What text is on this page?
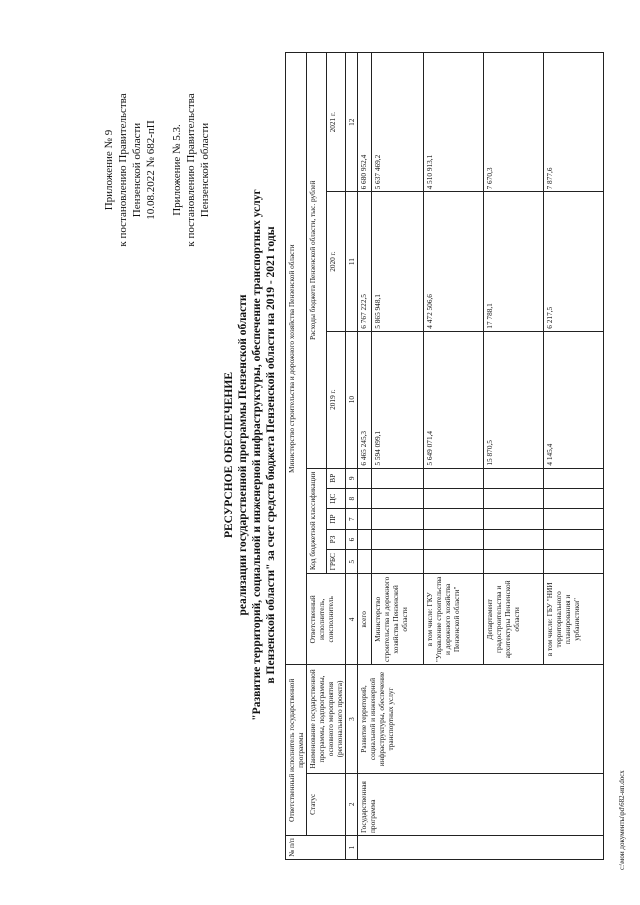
Приложение № 9 к постановлению Правительства Пензенской области 10.08.2022 № 682-пП Приложение № 5.3. к постановлению Правительства Пензенской области
РЕСУРСНОЕ ОБЕСПЕЧЕНИЕ реализации государственной программы Пензенской области "Развитие территорий, социальной и инженерной инфраструктуры, обеспечение транспортных услуг в Пензенской области" за счет средств бюджета Пензенской области на 2019 - 2021 годы
№ п/п	Ответственный исполнитель государственной программы		Министерство строительства и дорожного хозяйства Пензенской области								
	Статус	Наименование государственной программы, подпрограммы, основного мероприятия (регионального проекта)	Ответственный исполнитель, соисполнитель	Код бюджетной классификации					Расходы бюджета Пензенской области, тыс. рублей		
				ГРБС	РЗ	ПР	ЦС	ВР	2019 г.	2020 г.	2021 г.
1	2	3	4	5	6	7	8	9	10	11	12
	Государственная программа	Развитие территорий, социальной и инженерной инфраструктуры, обеспечение транспортных услуг	всего						6 465 245,3	6 767 222,5	6 680 952,4
			Министерство строительства и дорожного хозяйства Пензенской области						5 594 099,1	5 865 948,1	5 637 469,2
			в том числе: ГКУ "Управление строительства и дорожного хозяйства Пензенской области"						5 649 071,4	4 472 506,6	4 510 913,1
			Департамент градостроительства и архитектуры Пензенской области						15 870,5	17 788,1	7 670,3
			в том числе: ГБУ "НИИ территориального планирования и урбанистики"						4 145,4	6 217,5	7 877,6
c:\мои документы\pd\682-ип.docx
